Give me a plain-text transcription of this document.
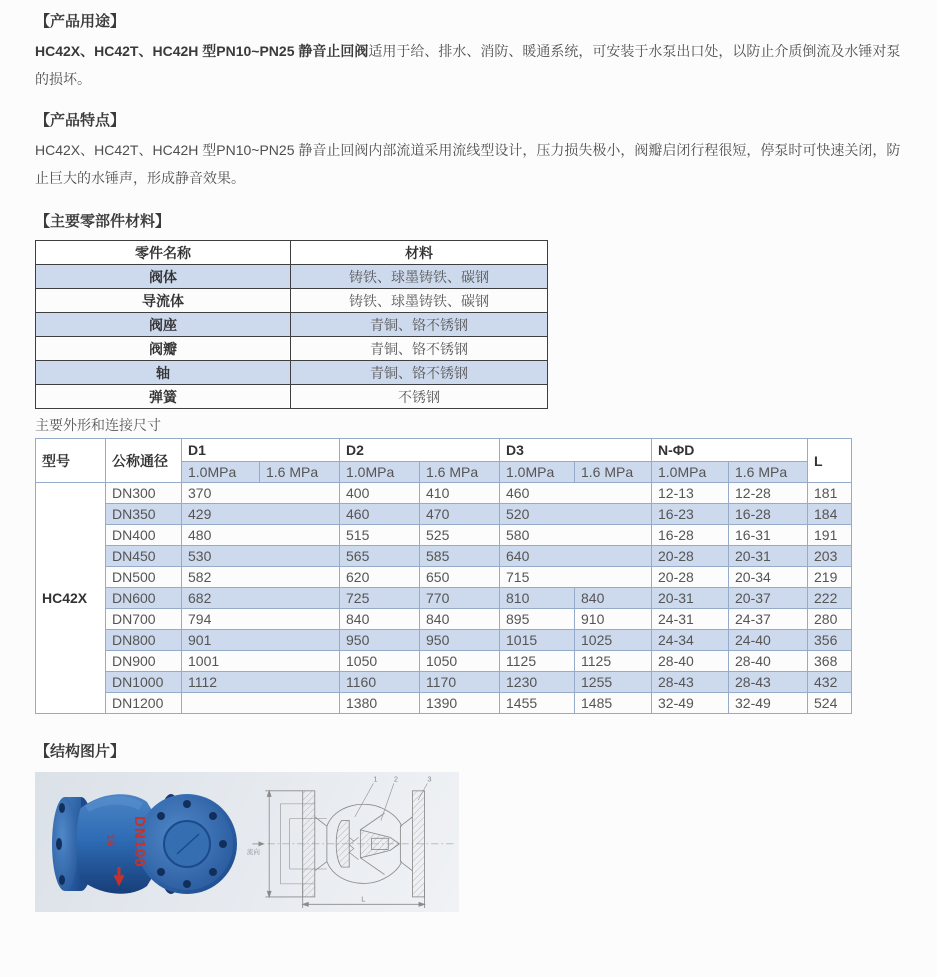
【产品用途】
HC42X、HC42T、HC42H 型PN10~PN25 静音止回阀适用于给、排水、消防、暖通系统，可安装于水泵出口处，以防止介质倒流及水锤对泵的损坏。
【产品特点】
HC42X、HC42T、HC42H 型PN10~PN25 静音止回阀内部流道采用流线型设计，压力损失极小，阀瓣启闭行程很短，停泵时可快速关闭，防止巨大的水锤声，形成静音效果。
【主要零部件材料】
零件名称	材料
阀体	铸铁、球墨铸铁、碳钢
导流体	铸铁、球墨铸铁、碳钢
阀座	青铜、铬不锈钢
阀瓣	青铜、铬不锈钢
轴	青铜、铬不锈钢
弹簧	不锈钢
主要外形和连接尺寸
型号	公称通径	D1		D2		D3		N-ΦD		L
		1.0MPa	1.6 MPa	1.0MPa	1.6 MPa	1.0MPa	1.6 MPa	1.0MPa	1.6 MPa	
HC42X	DN300	370		400	410	460		12-13	12-28	181
	DN350	429		460	470	520		16-23	16-28	184
	DN400	480		515	525	580		16-28	16-31	191
	DN450	530		565	585	640		20-28	20-31	203
	DN500	582		620	650	715		20-28	20-34	219
	DN600	682		725	770	810	840	20-31	20-37	222
	DN700	794		840	840	895	910	24-31	24-37	280
	DN800	901		950	950	1015	1025	24-34	24-40	356
	DN900	1001		1050	1050	1125	1125	28-40	28-40	368
	DN1000	1112		1160	1170	1230	1255	28-43	28-43	432
	DN1200			1380	1390	1455	1485	32-49	32-49	524
【结构图片】
DN100
16
1 2	3
流向
L
